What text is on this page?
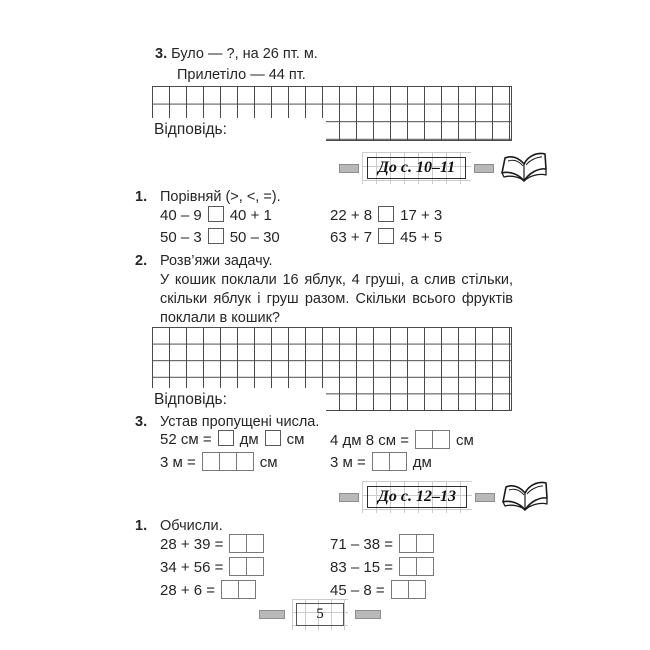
3. Було — ?, на 26 пт. м.
Прилетіло — 44 пт.
Відповідь:
До с. 10–11
1. Порівняй (>, <, =).
40 – 9 40 + 1	22 + 8 17 + 3
50 – 3 50 – 30	63 + 7 45 + 5
2. Розв’яжи задачу.
У кошик поклали 16 яблук, 4 груші, а слив стільки,
скільки яблук і груш разом. Скільки всього фруктів
поклали в кошик?
Відповідь:
3. Устав пропущені числа.
52 см = дм см 4 дм 8 см =	см
3 м =	см	3 м =	дм
До с. 12–13
1. Обчисли.
28 + 39 =	71 – 38 =
34 + 56 =	83 – 15 =
28 + 6 =	45 – 8 =
5
